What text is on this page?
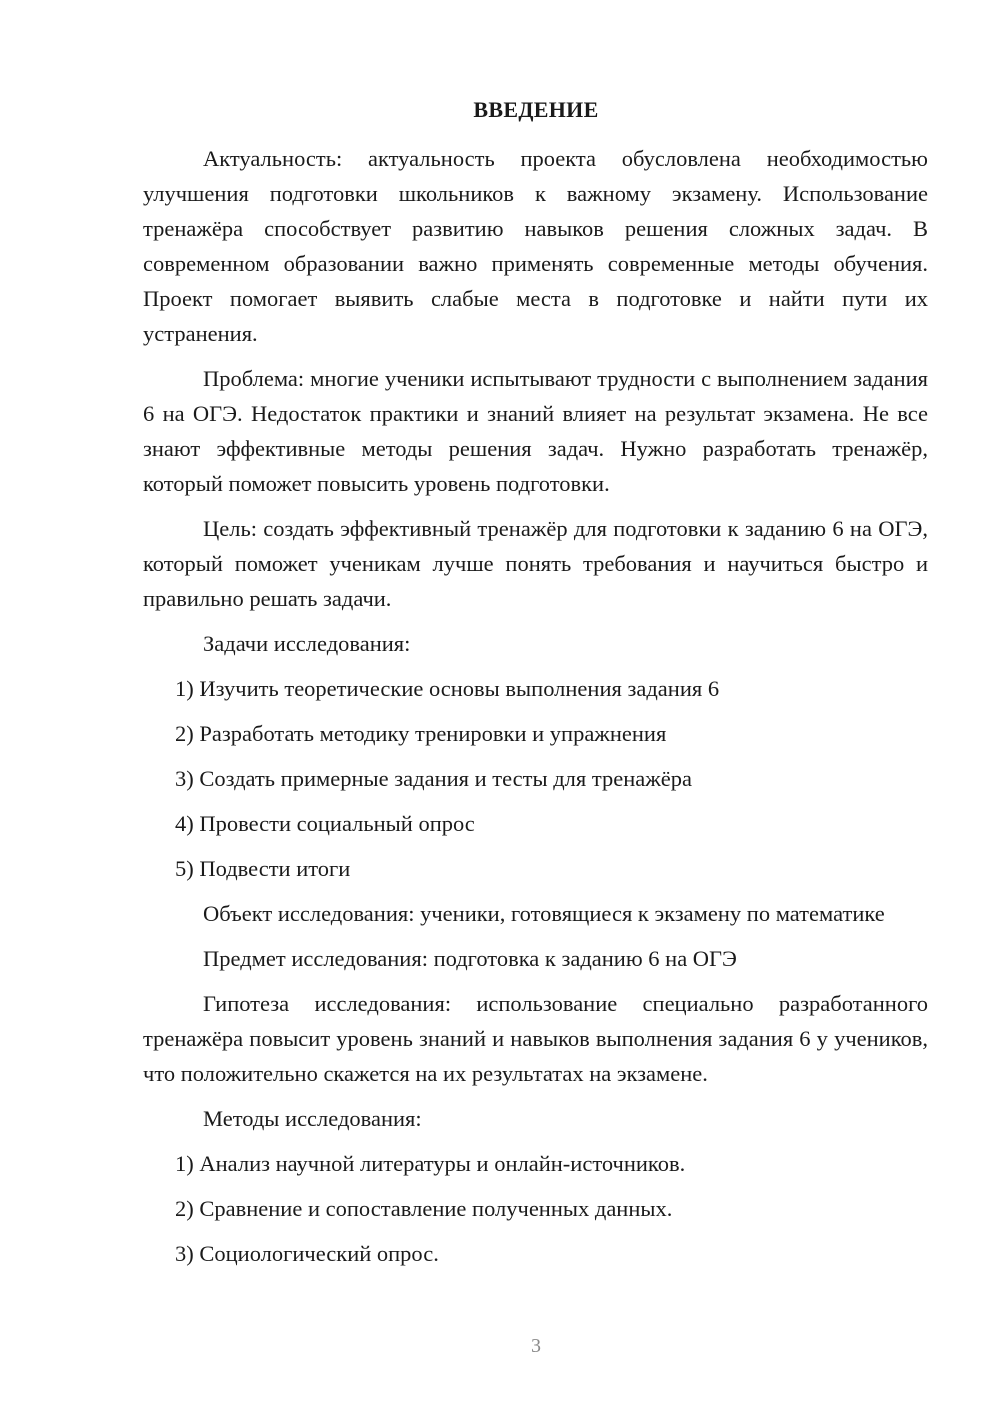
ВВЕДЕНИЕ

Актуальность: актуальность проекта обусловлена необходимостью улучшения подготовки школьников к важному экзамену. Использование тренажёра способствует развитию навыков решения сложных задач. В современном образовании важно применять современные методы обучения. Проект помогает выявить слабые места в подготовке и найти пути их устранения.

Проблема: многие ученики испытывают трудности с выполнением задания 6 на ОГЭ. Недостаток практики и знаний влияет на результат экзамена. Не все знают эффективные методы решения задач. Нужно разработать тренажёр, который поможет повысить уровень подготовки.

Цель: создать эффективный тренажёр для подготовки к заданию 6 на ОГЭ, который поможет ученикам лучше понять требования и научиться быстро и правильно решать задачи.

Задачи исследования:
1) Изучить теоретические основы выполнения задания 6
2) Разработать методику тренировки и упражнения
3) Создать примерные задания и тесты для тренажёра
4) Провести социальный опрос
5) Подвести итоги

Объект исследования: ученики, готовящиеся к экзамену по математике

Предмет исследования: подготовка к заданию 6 на ОГЭ

Гипотеза исследования: использование специально разработанного тренажёра повысит уровень знаний и навыков выполнения задания 6 у учеников, что положительно скажется на их результатах на экзамене.

Методы исследования:
1) Анализ научной литературы и онлайн-источников.
2) Сравнение и сопоставление полученных данных.
3) Социологический опрос.
3
